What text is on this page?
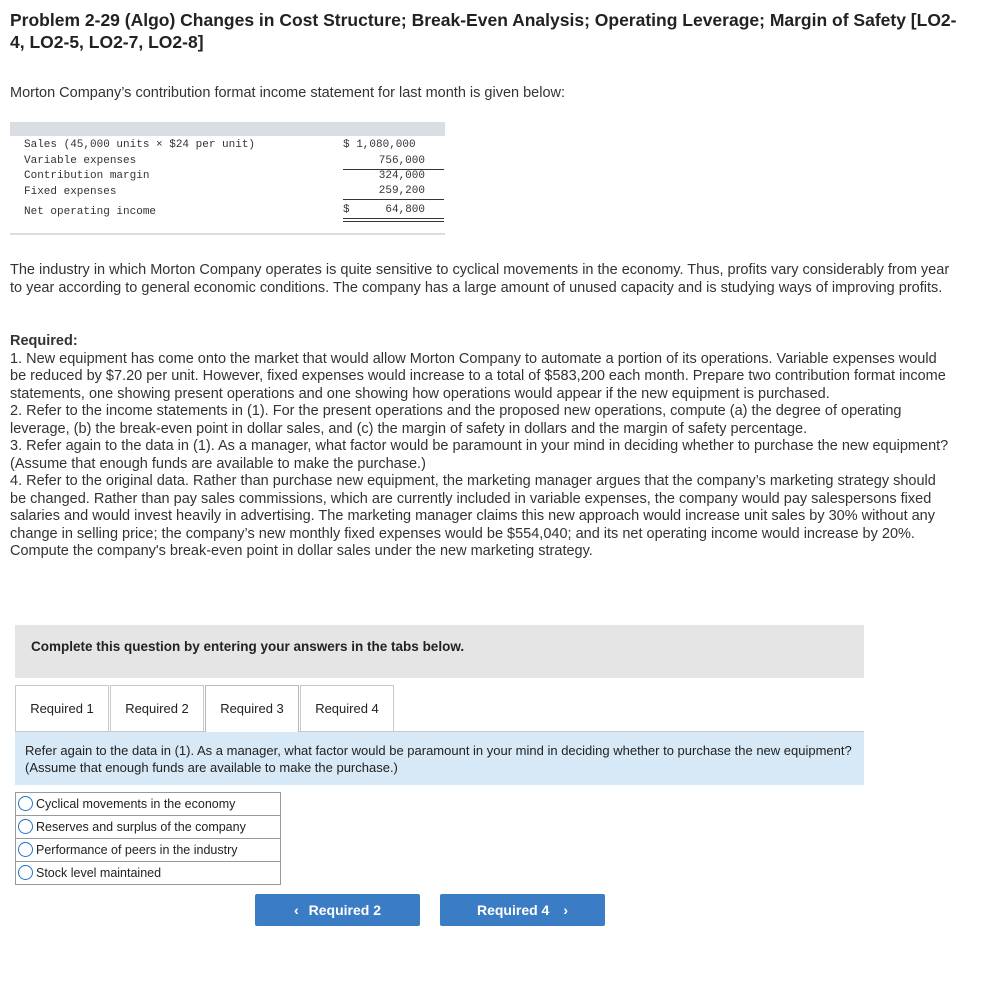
Problem 2-29 (Algo) Changes in Cost Structure; Break-Even Analysis; Operating Leverage; Margin of Safety [LO2-4, LO2-5, LO2-7, LO2-8]
Morton Company’s contribution format income statement for last month is given below:
Sales (45,000 units × $24 per unit)	$ 1,080,000
Variable expenses	756,000
Contribution margin	324,000
Fixed expenses	259,200
Net operating income	$	64,800
The industry in which Morton Company operates is quite sensitive to cyclical movements in the economy. Thus, profits vary considerably from year to year according to general economic conditions. The company has a large amount of unused capacity and is studying ways of improving profits.
Required:
1. New equipment has come onto the market that would allow Morton Company to automate a portion of its operations. Variable expenses would be reduced by $7.20 per unit. However, fixed expenses would increase to a total of $583,200 each month. Prepare two contribution format income statements, one showing present operations and one showing how operations would appear if the new equipment is purchased.
2. Refer to the income statements in (1). For the present operations and the proposed new operations, compute (a) the degree of operating leverage, (b) the break-even point in dollar sales, and (c) the margin of safety in dollars and the margin of safety percentage.
3. Refer again to the data in (1). As a manager, what factor would be paramount in your mind in deciding whether to purchase the new equipment? (Assume that enough funds are available to make the purchase.)
4. Refer to the original data. Rather than purchase new equipment, the marketing manager argues that the company’s marketing strategy should be changed. Rather than pay sales commissions, which are currently included in variable expenses, the company would pay salespersons fixed salaries and would invest heavily in advertising. The marketing manager claims this new approach would increase unit sales by 30% without any change in selling price; the company’s new monthly fixed expenses would be $554,040; and its net operating income would increase by 20%. Compute the company's break-even point in dollar sales under the new marketing strategy.
Complete this question by entering your answers in the tabs below.
Required 1	Required 2	Required 3	Required 4
Refer again to the data in (1). As a manager, what factor would be paramount in your mind in deciding whether to purchase the new equipment? (Assume that enough funds are available to make the purchase.)
Cyclical movements in the economy
Reserves and surplus of the company
Performance of peers in the industry
Stock level maintained
‹ Required 2	Required 4 ›
